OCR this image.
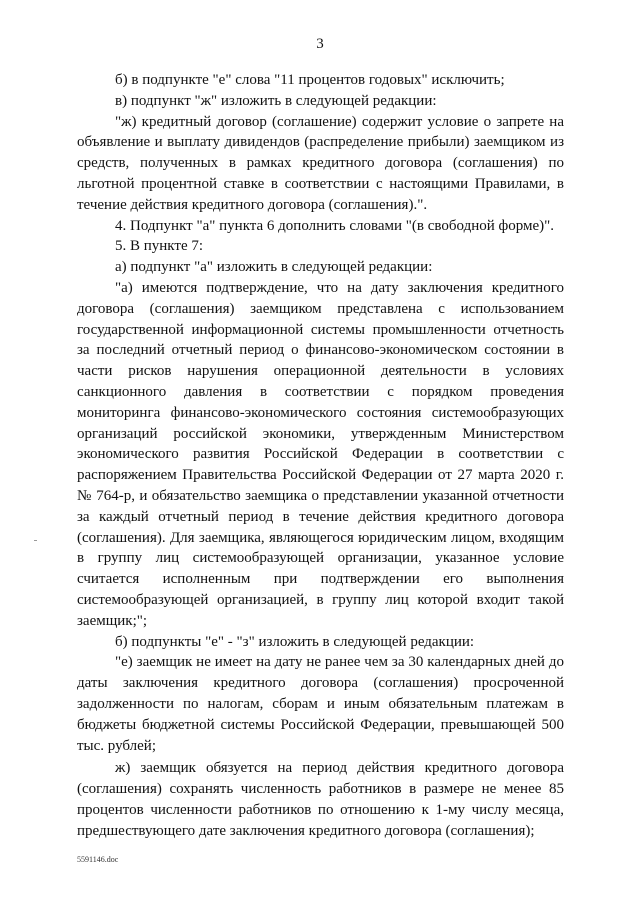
3

б) в подпункте "е" слова "11 процентов годовых" исключить;

в) подпункт "ж" изложить в следующей редакции:

"ж) кредитный договор (соглашение) содержит условие о запрете на объявление и выплату дивидендов (распределение прибыли) заемщиком из средств, полученных в рамках кредитного договора (соглашения) по льготной процентной ставке в соответствии с настоящими Правилами, в течение действия кредитного договора (соглашения).".

4. Подпункт "а" пункта 6 дополнить словами "(в свободной форме)".

5. В пункте 7:

а) подпункт "а" изложить в следующей редакции:

"а) имеются подтверждение, что на дату заключения кредитного договора (соглашения) заемщиком представлена с использованием государственной информационной системы промышленности отчетность за последний отчетный период о финансово-экономическом состоянии в части рисков нарушения операционной деятельности в условиях санкционного давления в соответствии с порядком проведения мониторинга финансово-экономического состояния системообразующих организаций российской экономики, утвержденным Министерством экономического развития Российской Федерации в соответствии с распоряжением Правительства Российской Федерации от 27 марта 2020 г. № 764-р, и обязательство заемщика о представлении указанной отчетности за каждый отчетный период в течение действия кредитного договора (соглашения). Для заемщика, являющегося юридическим лицом, входящим в группу лиц системообразующей организации, указанное условие считается исполненным при подтверждении его выполнения системообразующей организацией, в группу лиц которой входит такой заемщик;";

б) подпункты "е" - "з" изложить в следующей редакции:

"е) заемщик не имеет на дату не ранее чем за 30 календарных дней до даты заключения кредитного договора (соглашения) просроченной задолженности по налогам, сборам и иным обязательным платежам в бюджеты бюджетной системы Российской Федерации, превышающей 500 тыс. рублей;

ж) заемщик обязуется на период действия кредитного договора (соглашения) сохранять численность работников в размере не менее 85 процентов численности работников по отношению к 1-му числу месяца, предшествующего дате заключения кредитного договора (соглашения);

5591146.doc
